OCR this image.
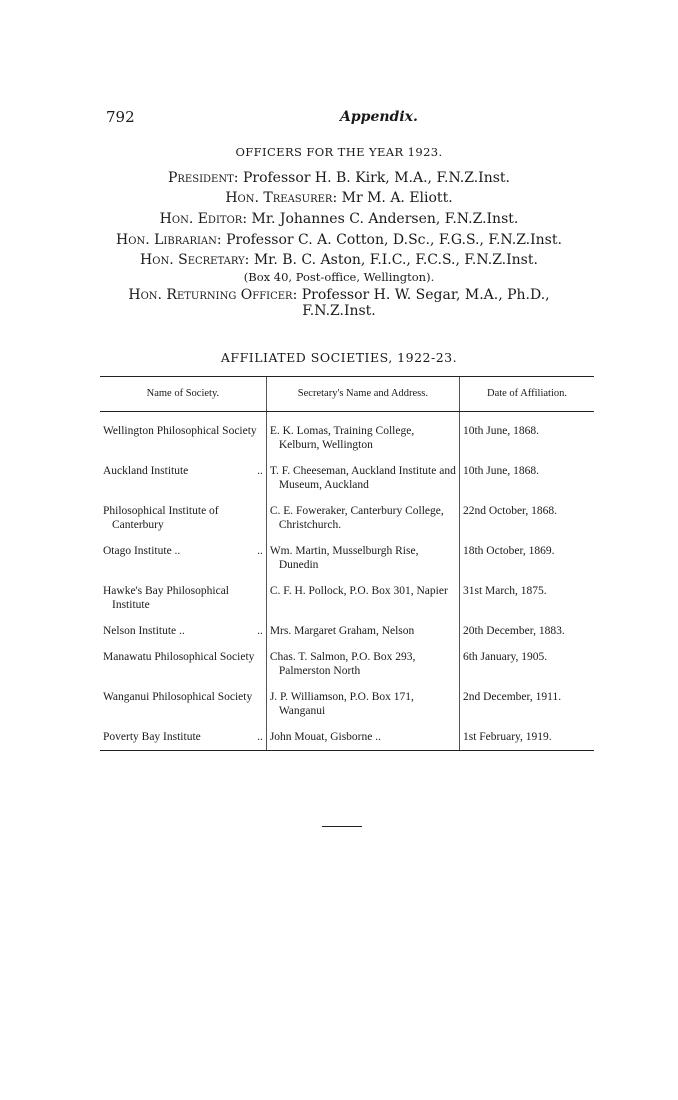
792	Appendix.
OFFICERS FOR THE YEAR 1923.
President: Professor H. B. Kirk, M.A., F.N.Z.Inst.
Hon. Treasurer: Mr M. A. Eliott.
Hon. Editor: Mr. Johannes C. Andersen, F.N.Z.Inst.
Hon. Librarian: Professor C. A. Cotton, D.Sc., F.G.S., F.N.Z.Inst.
Hon. Secretary: Mr. B. C. Aston, F.I.C., F.C.S., F.N.Z.Inst.
(Box 40, Post-office, Wellington).
Hon. Returning Officer: Professor H. W. Segar, M.A., Ph.D.,
F.N.Z.Inst.
AFFILIATED SOCIETIES, 1922-23.
Name of Society.	Secretary's Name and Address.	Date of Affiliation.

Wellington Philosophical Society	E. K. Lomas, Training College, Kelburn, Wellington	10th June, 1868.

Auckland Institute ..	T. F. Cheeseman, Auckland Institute and Museum, Auckland	10th June, 1868.

Philosophical Institute of Canterbury	C. E. Foweraker, Canterbury College, Christchurch.	22nd October, 1868.

Otago Institute .. ..	Wm. Martin, Musselburgh Rise, Dunedin	18th October, 1869.

Hawke's Bay Philosophical Institute	C. F. H. Pollock, P.O. Box 301, Napier	31st March, 1875.

Nelson Institute .. ..	Mrs. Margaret Graham, Nelson	20th December, 1883.

Manawatu Philosophical Society	Chas. T. Salmon, P.O. Box 293, Palmerston North	6th January, 1905.

Wanganui Philosophical Society	J. P. Williamson, P.O. Box 171, Wanganui	2nd December, 1911.

Poverty Bay Institute ..	John Mouat, Gisborne ..	1st February, 1919.
